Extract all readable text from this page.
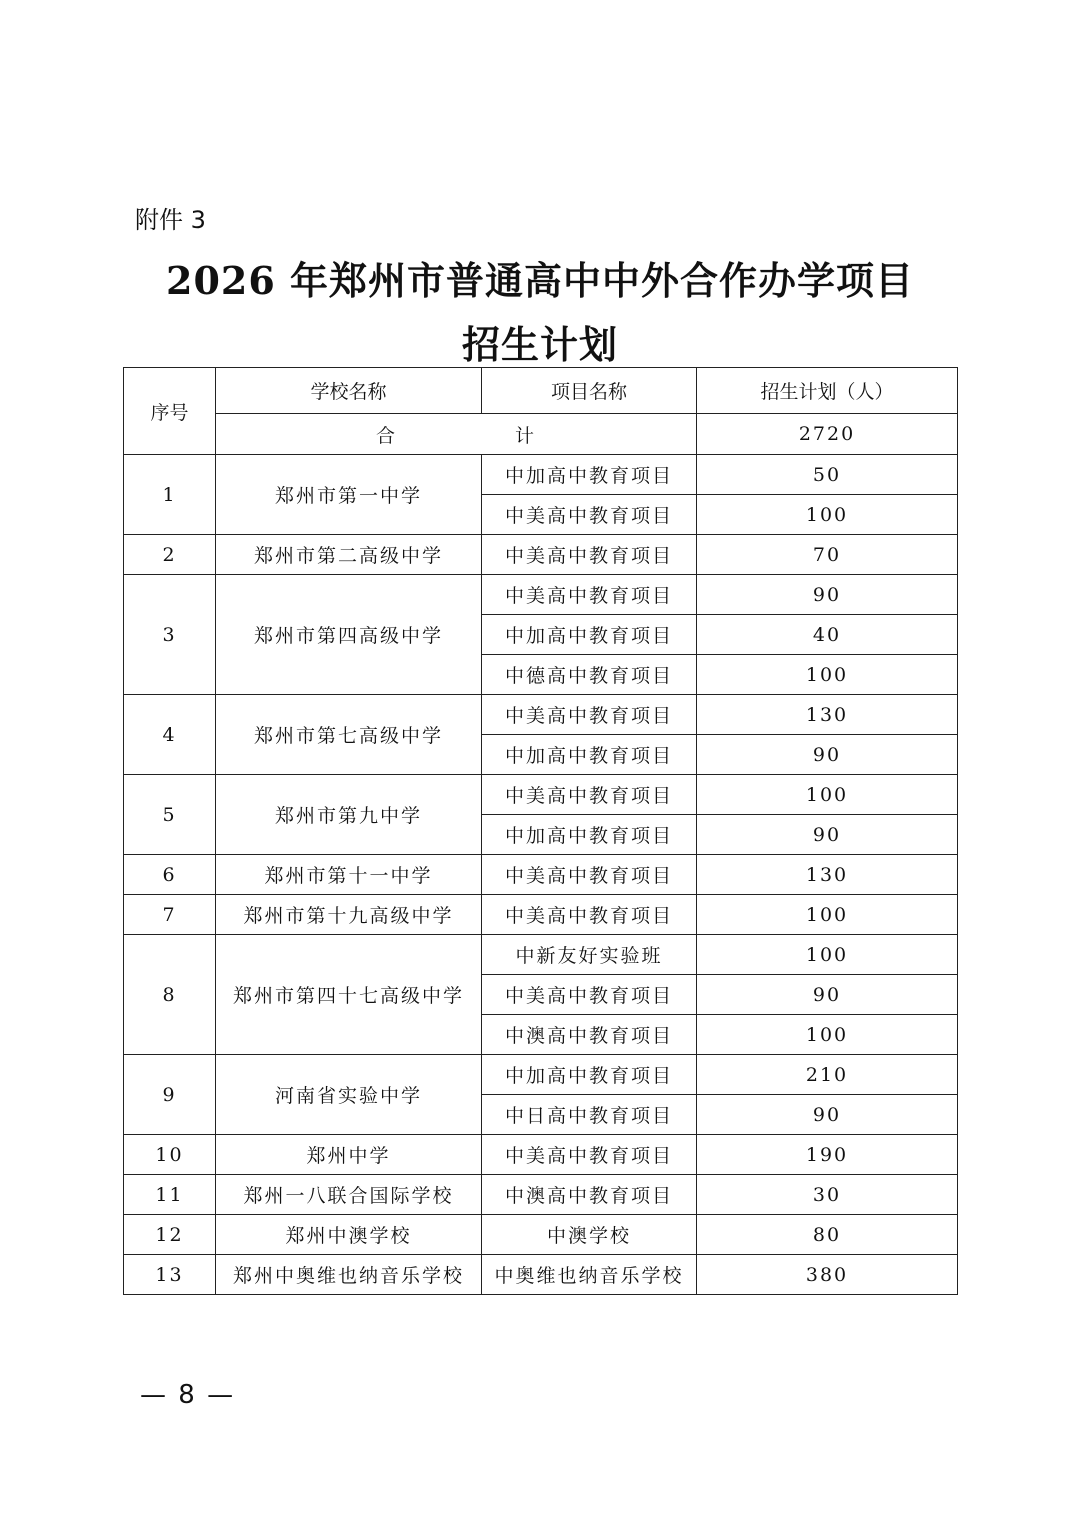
附件 3
2026 年郑州市普通高中中外合作办学项目
招生计划
序号	学校名称	项目名称	招生计划（人）
	合计		2720
1	郑州市第一中学	中加高中教育项目	50
		中美高中教育项目	100
2	郑州市第二高级中学	中美高中教育项目	70
3	郑州市第四高级中学	中美高中教育项目	90
		中加高中教育项目	40
		中德高中教育项目	100
4	郑州市第七高级中学	中美高中教育项目	130
		中加高中教育项目	90
5	郑州市第九中学	中美高中教育项目	100
		中加高中教育项目	90
6	郑州市第十一中学	中美高中教育项目	130
7	郑州市第十九高级中学	中美高中教育项目	100
8	郑州市第四十七高级中学	中新友好实验班	100
		中美高中教育项目	90
		中澳高中教育项目	100
9	河南省实验中学	中加高中教育项目	210
		中日高中教育项目	90
10	郑州中学	中美高中教育项目	190
11	郑州一八联合国际学校	中澳高中教育项目	30
12	郑州中澳学校	中澳学校	80
13	郑州中奥维也纳音乐学校	中奥维也纳音乐学校	380
— 8 —
